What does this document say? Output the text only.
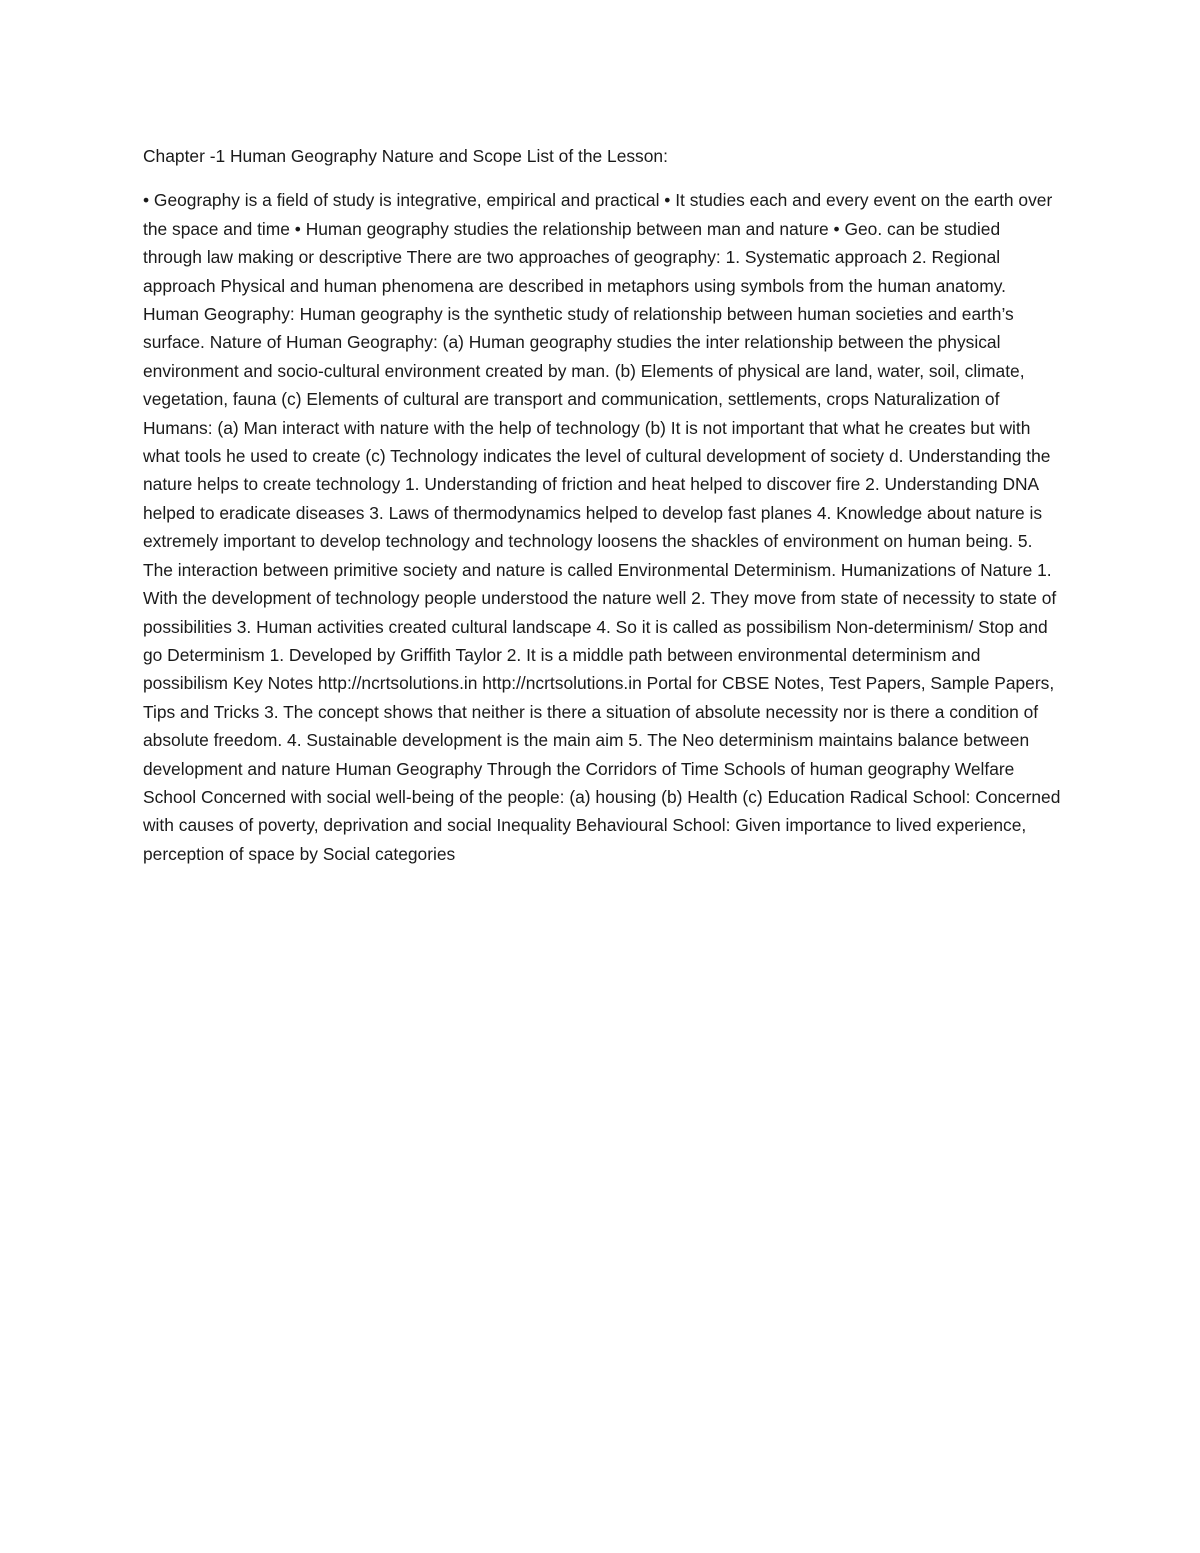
Chapter -1 Human Geography Nature and Scope List of the Lesson:

• Geography is a field of study is integrative, empirical and practical • It studies each and every event on the earth over the space and time • Human geography studies the relationship between man and nature • Geo. can be studied through law making or descriptive There are two approaches of geography: 1. Systematic approach 2. Regional approach Physical and human phenomena are described in metaphors using symbols from the human anatomy. Human Geography: Human geography is the synthetic study of relationship between human societies and earth’s surface. Nature of Human Geography: (a) Human geography studies the inter relationship between the physical environment and socio-cultural environment created by man. (b) Elements of physical are land, water, soil, climate, vegetation, fauna (c) Elements of cultural are transport and communication, settlements, crops Naturalization of Humans: (a) Man interact with nature with the help of technology (b) It is not important that what he creates but with what tools he used to create (c) Technology indicates the level of cultural development of society d. Understanding the nature helps to create technology 1. Understanding of friction and heat helped to discover fire 2. Understanding DNA helped to eradicate diseases 3. Laws of thermodynamics helped to develop fast planes 4. Knowledge about nature is extremely important to develop technology and technology loosens the shackles of environment on human being. 5. The interaction between primitive society and nature is called Environmental Determinism. Humanizations of Nature 1. With the development of technology people understood the nature well 2. They move from state of necessity to state of possibilities 3. Human activities created cultural landscape 4. So it is called as possibilism Non-determinism/ Stop and go Determinism 1. Developed by Griffith Taylor 2. It is a middle path between environmental determinism and possibilism Key Notes http://ncrtsolutions.in http://ncrtsolutions.in Portal for CBSE Notes, Test Papers, Sample Papers, Tips and Tricks 3. The concept shows that neither is there a situation of absolute necessity nor is there a condition of absolute freedom. 4. Sustainable development is the main aim 5. The Neo determinism maintains balance between development and nature Human Geography Through the Corridors of Time Schools of human geography Welfare School Concerned with social well-being of the people: (a) housing (b) Health (c) Education Radical School: Concerned with causes of poverty, deprivation and social Inequality Behavioural School: Given importance to lived experience, perception of space by Social categories
